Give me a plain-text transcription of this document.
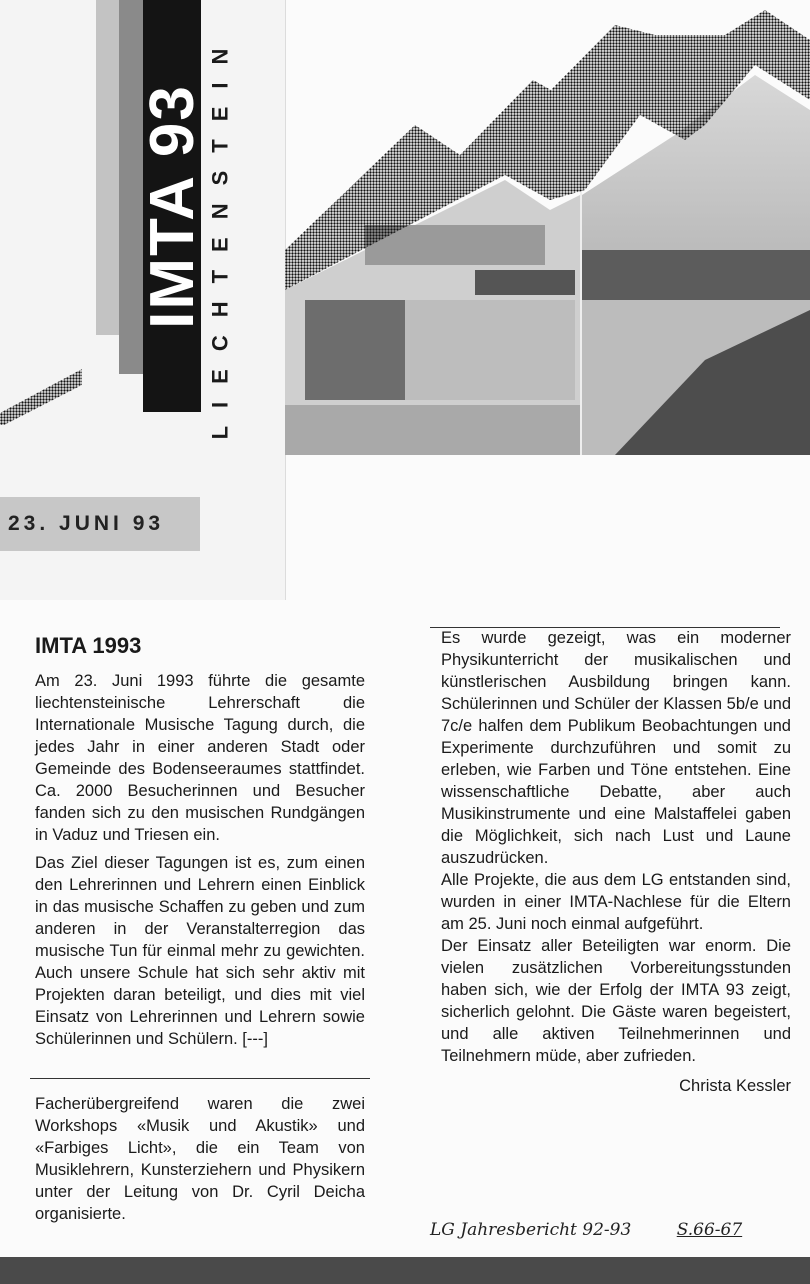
IMTA 93 LIECHTENSTEIN
23. JUNI 93
IMTA 1993

Am 23. Juni 1993 führte die gesamte liechtensteinische Lehrerschaft die Internationale Musische Tagung durch, die jedes Jahr in einer anderen Stadt oder Gemeinde des Bodenseeraumes stattfindet. Ca. 2000 Besucherinnen und Besucher fanden sich zu den musischen Rundgängen in Vaduz und Triesen ein.

Das Ziel dieser Tagungen ist es, zum einen den Lehrerinnen und Lehrern einen Einblick in das musische Schaffen zu geben und zum anderen in der Veranstalterregion das musische Tun für einmal mehr zu gewichten. Auch unsere Schule hat sich sehr aktiv mit Projekten daran beteiligt, und dies mit viel Einsatz von Lehrerinnen und Lehrern sowie Schülerinnen und Schülern. [---]

Facherübergreifend waren die zwei Workshops «Musik und Akustik» und «Farbiges Licht», die ein Team von Musiklehrern, Kunsterziehern und Physikern unter der Leitung von Dr. Cyril Deicha organisierte.

Es wurde gezeigt, was ein moderner Physikunterricht der musikalischen und künstlerischen Ausbildung bringen kann. Schülerinnen und Schüler der Klassen 5b/e und 7c/e halfen dem Publikum Beobachtungen und Experimente durchzuführen und somit zu erleben, wie Farben und Töne entstehen. Eine wissenschaftliche Debatte, aber auch Musikinstrumente und eine Malstaffelei gaben die Möglichkeit, sich nach Lust und Laune auszudrücken.

Alle Projekte, die aus dem LG entstanden sind, wurden in einer IMTA-Nachlese für die Eltern am 25. Juni noch einmal aufgeführt.

Der Einsatz aller Beteiligten war enorm. Die vielen zusätzlichen Vorbereitungsstunden haben sich, wie der Erfolg der IMTA 93 zeigt, sicherlich gelohnt. Die Gäste waren begeistert, und alle aktiven Teilnehmerinnen und Teilnehmern müde, aber zufrieden.

Christa Kessler

LG Jahresbericht 92-93	S.66-67
